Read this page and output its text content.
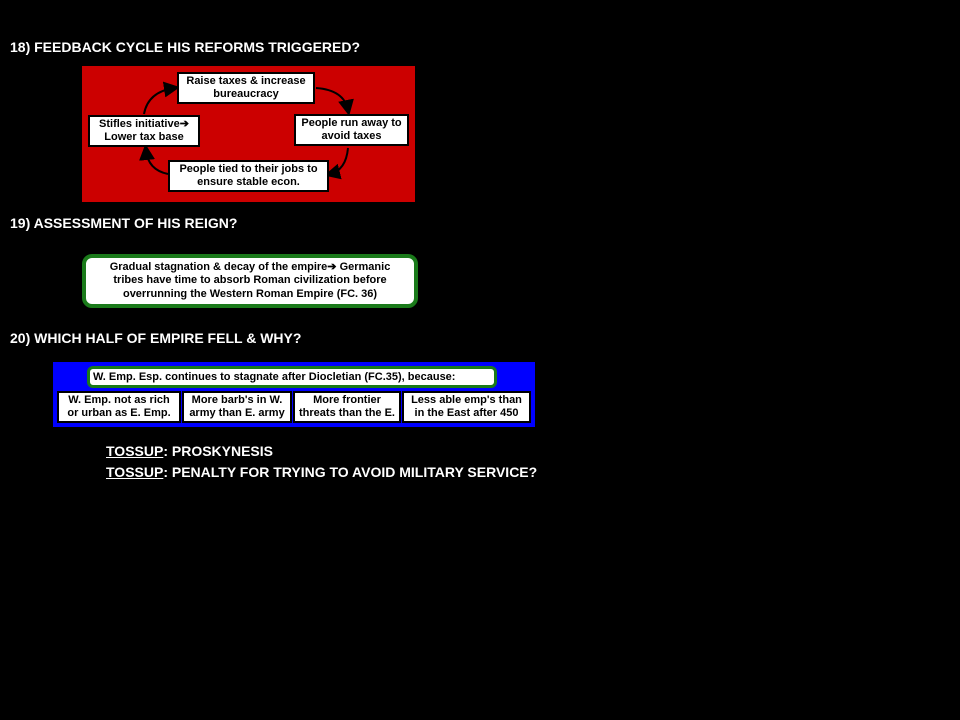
18) FEEDBACK CYCLE HIS REFORMS TRIGGERED?
Raise taxes & increase
bureaucracy
People run away to
avoid taxes
People tied to their jobs to
ensure stable econ.
Stifles initiative➔
Lower tax base
19) ASSESSMENT OF HIS REIGN?
Gradual stagnation & decay of the empire➔ Germanic
tribes have time to absorb Roman civilization before
overrunning the Western Roman Empire (FC. 36)
20) WHICH HALF OF EMPIRE FELL & WHY?
W. Emp. Esp. continues to stagnate after Diocletian (FC.35), because:
W. Emp. not as rich
or urban as E. Emp.
More barb's in W.
army than E. army
More frontier
threats than the E.
Less able emp's than
in the East after 450
TOSSUP: PROSKYNESIS
TOSSUP: PENALTY FOR TRYING TO AVOID MILITARY SERVICE?
